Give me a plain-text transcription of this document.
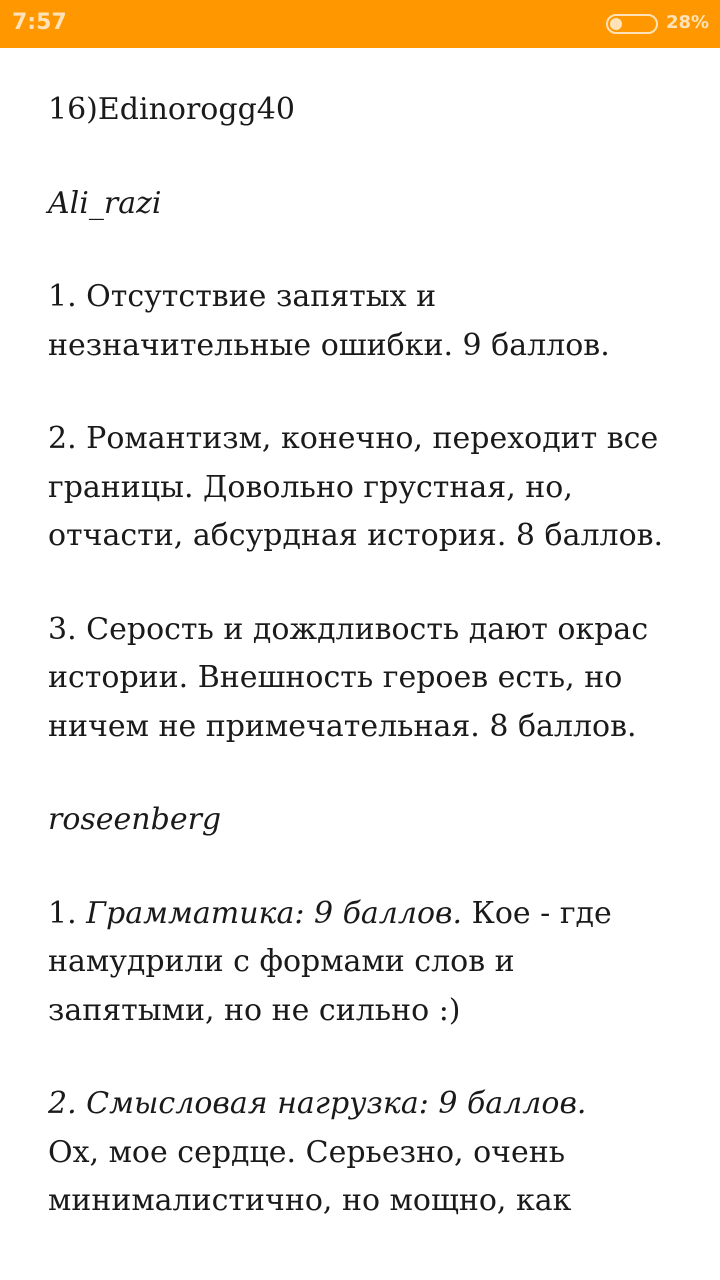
7:57	28%

16)Edinorogg40

Ali_razi

1. Отсутствие запятых и незначительные ошибки. 9 баллов.

2. Романтизм, конечно, переходит все границы. Довольно грустная, но, отчасти, абсурдная история. 8 баллов.

3. Серость и дождливость дают окрас истории. Внешность героев есть, но ничем не примечательная. 8 баллов.

roseenberg

1. Грамматика: 9 баллов. Кое - где намудрили с формами слов и запятыми, но не сильно :)

2. Смысловая нагрузка: 9 баллов.
Ох, мое сердце. Серьезно, очень минималистично, но мощно, как
